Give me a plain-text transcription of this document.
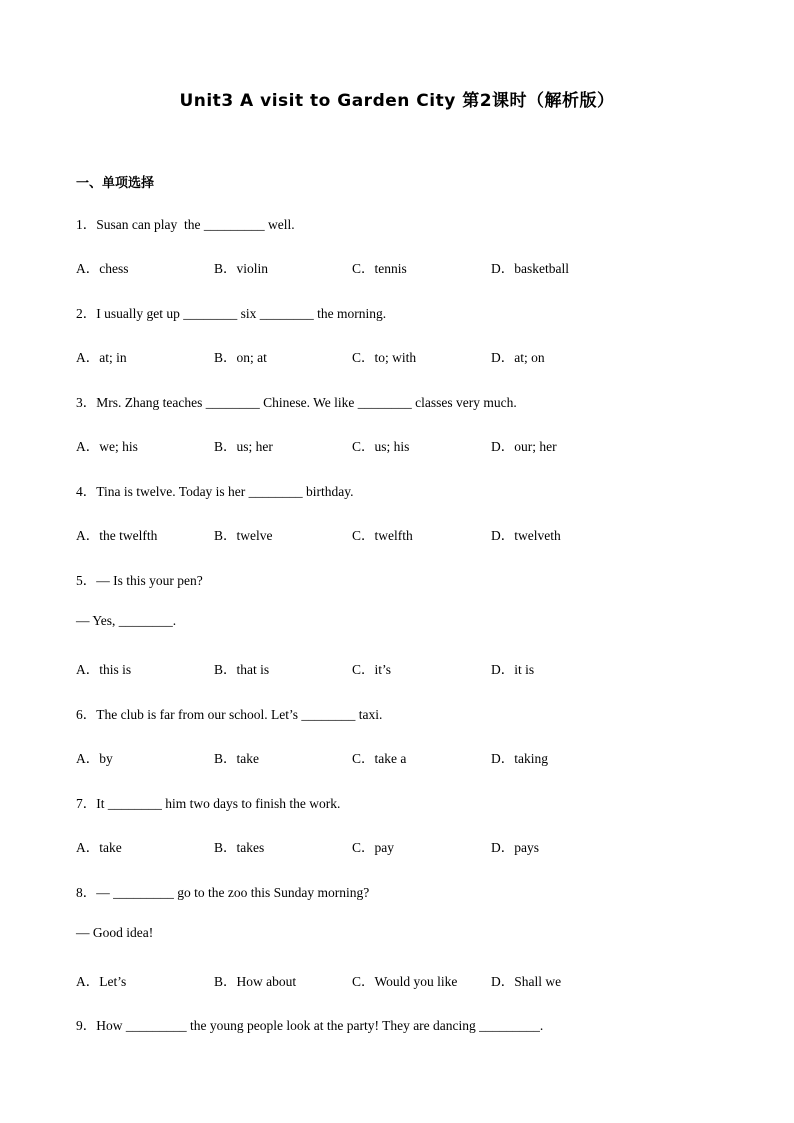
Unit3 A visit to Garden City 第2课时（解析版）
一、单项选择
1．Susan can play  the _________ well.
A．chess	B．violin	C．tennis	D．basketball
2．I usually get up ________ six ________ the morning.
A．at; in	B．on; at	C．to; with	D．at; on
3．Mrs. Zhang teaches ________ Chinese. We like ________ classes very much.
A．we; his	B．us; her	C．us; his	D．our; her
4．Tina is twelve. Today is her ________ birthday.
A．the twelfth	B．twelve	C．twelfth	D．twelveth
5．— Is this your pen?
— Yes, ________.
A．this is	B．that is	C．it’s	D．it is
6．The club is far from our school. Let’s ________ taxi.
A．by	B．take	C．take a	D．taking
7．It ________ him two days to finish the work.
A．take	B．takes	C．pay	D．pays
8．— _________ go to the zoo this Sunday morning?
— Good idea!
A．Let’s	B．How about	C．Would you like D．Shall we
9．How _________ the young people look at the party! They are dancing _________.
